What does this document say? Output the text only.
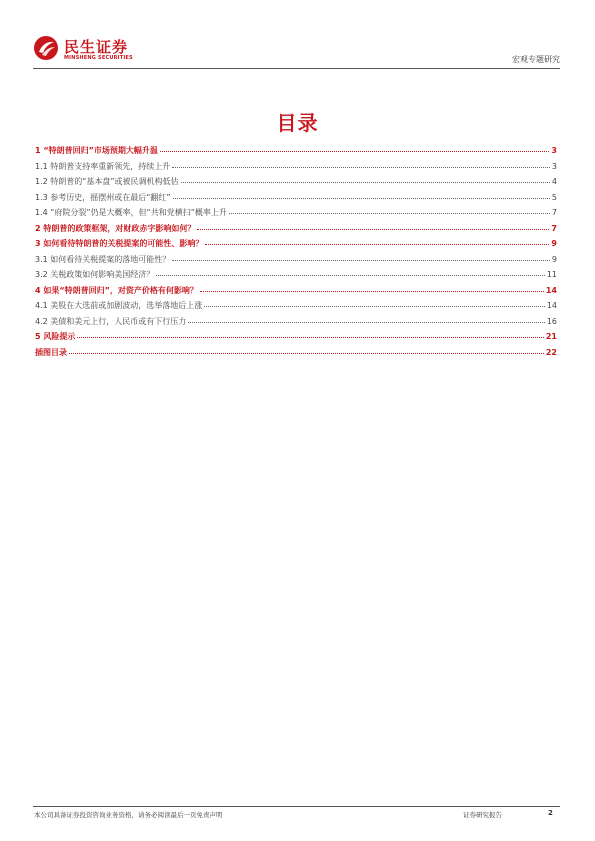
民生证券
MINSHENG SECURITIES	宏观专题研究
目录
1 “特朗普回归”市场预期大幅升温	3
1.1 特朗普支持率重新领先，持续上升	3
1.2 特朗普的“基本盘”或被民调机构低估	4
1.3 参考历史，摇摆州或在最后“翻红”	5
1.4 “府院分裂”仍是大概率，但“共和党横扫”概率上升	7
2 特朗普的政策框架，对财政赤字影响如何？	7
3 如何看待特朗普的关税提案的可能性、影响？	9
3.1 如何看待关税提案的落地可能性？	9
3.2 关税政策如何影响美国经济？	11
4 如果“特朗普回归”，对资产价格有何影响？	14
4.1 美股在大选前或加剧波动，选举落地后上涨	14
4.2 美债和美元上行，人民币或有下行压力	16
5 风险提示	21
插图目录	22
本公司具备证券投资咨询业务资格，请务必阅读最后一页免责声明	证券研究报告	2
